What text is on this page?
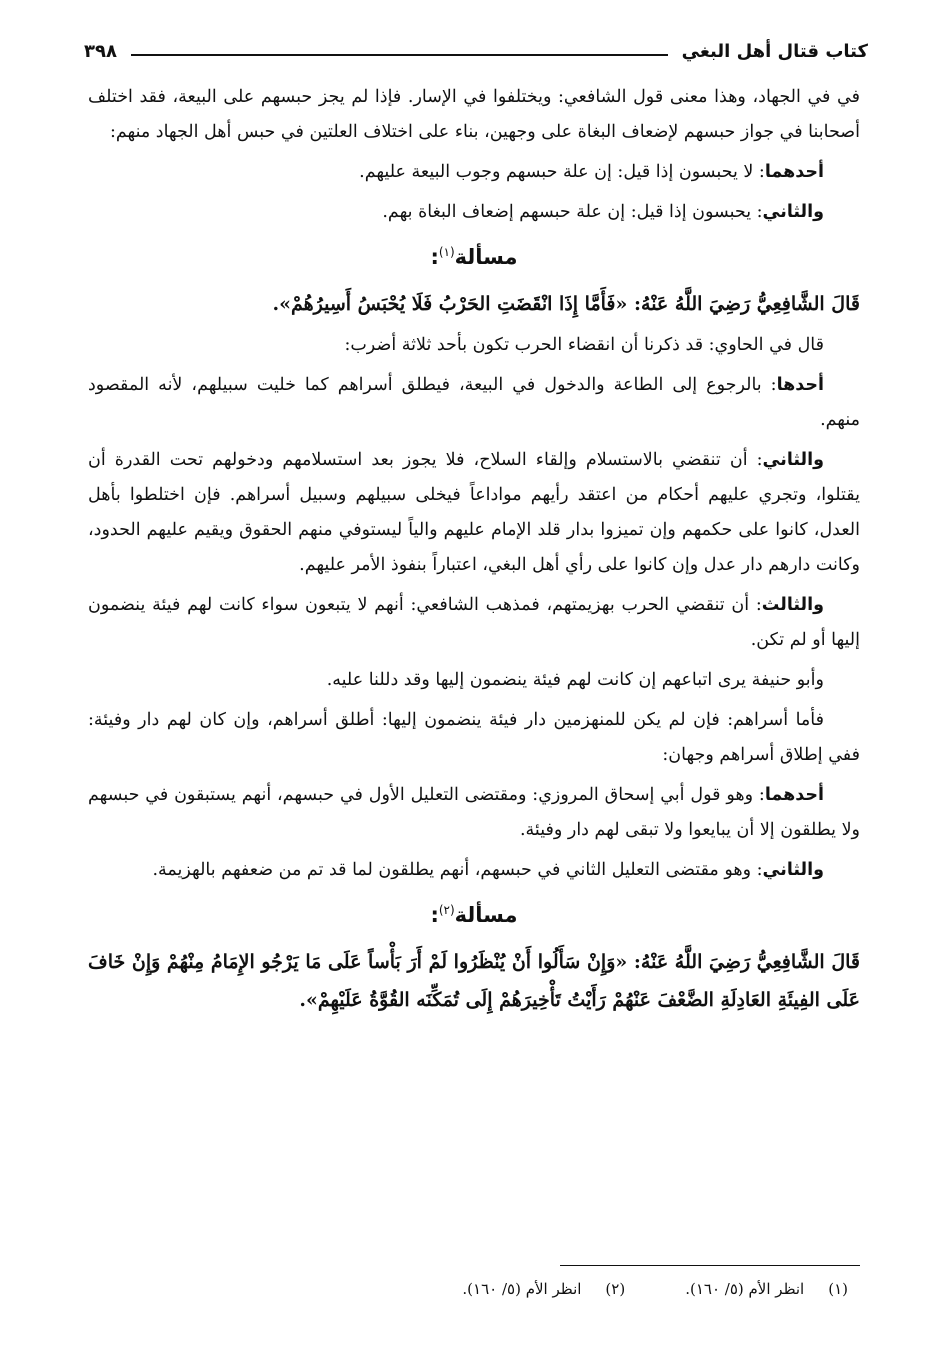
كتاب قتال أهل البغي
٣٩٨

في في الجهاد، وهذا معنى قول الشافعي: ويختلفوا في الإسار. فإذا لم يجز حبسهم على البيعة، فقد اختلف أصحابنا في جواز حبسهم لإضعاف البغاة على وجهين، بناء على اختلاف العلتين في حبس أهل الجهاد منهم:

أحدهما: لا يحبسون إذا قيل: إن علة حبسهم وجوب البيعة عليهم.

والثاني: يحبسون إذا قيل: إن علة حبسهم إضعاف البغاة بهم.

مسألة$^{(١)}$:

قَالَ الشَّافِعِيُّ رَضِيَ اللَّهُ عَنْهُ: «فَأَمَّا إِذَا انْقَضَتِ الحَرْبُ فَلَا يُحْبَسُ أَسِيرُهُمْ».

قال في الحاوي: قد ذكرنا أن انقضاء الحرب تكون بأحد ثلاثة أضرب:

أحدها: بالرجوع إلى الطاعة والدخول في البيعة، فيطلق أسراهم كما خليت سبيلهم، لأنه المقصود منهم.

والثاني: أن تنقضي بالاستسلام وإلقاء السلاح، فلا يجوز بعد استسلامهم ودخولهم تحت القدرة أن يقتلوا، وتجري عليهم أحكام من اعتقد رأيهم مواداعاً فيخلى سبيلهم وسبيل أسراهم. فإن اختلطوا بأهل العدل، كانوا على حكمهم وإن تميزوا بدار قلد الإمام عليهم والياً ليستوفي منهم الحقوق ويقيم عليهم الحدود، وكانت دارهم دار عدل وإن كانوا على رأي أهل البغي، اعتباراً بنفوذ الأمر عليهم.

والثالث: أن تنقضي الحرب بهزيمتهم، فمذهب الشافعي: أنهم لا يتبعون سواء كانت لهم فيئة ينضمون إليها أو لم تكن.

وأبو حنيفة يرى اتباعهم إن كانت لهم فيئة ينضمون إليها وقد دللنا عليه.

فأما أسراهم: فإن لم يكن للمنهزمين دار فيئة ينضمون إليها: أطلق أسراهم، وإن كان لهم دار وفيئة: ففي إطلاق أسراهم وجهان:

أحدهما: وهو قول أبي إسحاق المروزي: ومقتضى التعليل الأول في حبسهم، أنهم يستبقون في حبسهم ولا يطلقون إلا أن يبايعوا ولا تبقى لهم دار وفيئة.

والثاني: وهو مقتضى التعليل الثاني في حبسهم، أنهم يطلقون لما قد تم من ضعفهم بالهزيمة.

مسألة$^{(٢)}$:

قَالَ الشَّافِعِيُّ رَضِيَ اللَّهُ عَنْهُ: «وَإِنْ سَأَلُوا أَنْ يُنْظَرُوا لَمْ أَرَ بَأْساً عَلَى مَا يَرْجُو الإِمَامُ مِنْهُمْ وَإِنْ خَافَ عَلَى الفِيئَةِ العَادِلَةِ الضَّعْفَ عَنْهُمْ رَأَيْتُ تَأْخِيرَهُمْ إِلَى تُمَكِّنَه القُوَّةُ عَلَيْهِمْ».

(١)انظر الأم (٥/ ١٦٠).
(٢)انظر الأم (٥/ ١٦٠).
